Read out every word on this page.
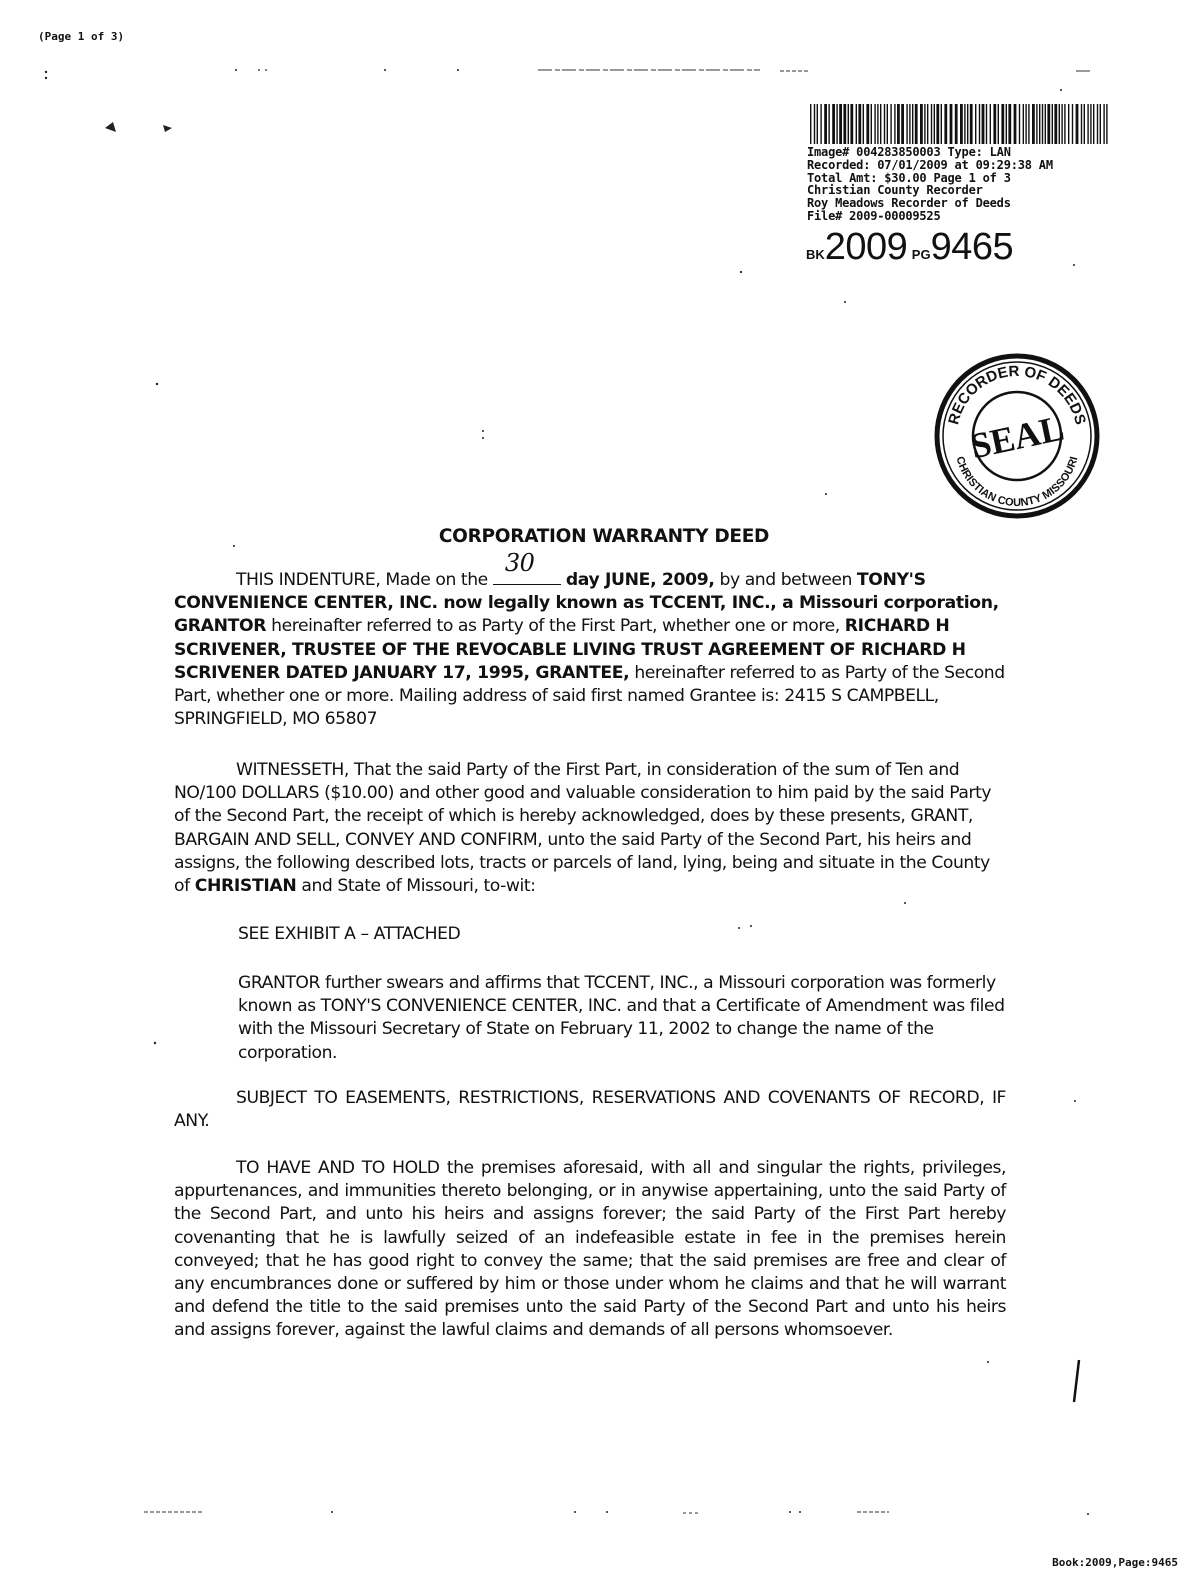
(Page 1 of 3)
Image# 004283850003 Type: LAN
Recorded: 07/01/2009 at 09:29:38 AM
Total Amt: $30.00 Page 1 of 3
Christian County Recorder
Roy Meadows Recorder of Deeds
File# 2009-00009525
BK2009 PG9465
RECORDER OF DEEDS
CHRISTIAN COUNTY MISSOURI
SEAL
CORPORATION WARRANTY DEED
THIS INDENTURE, Made on the
30
day JUNE, 2009, by and between TONY'S CONVENIENCE CENTER, INC. now legally known as TCCENT, INC., a Missouri corporation, GRANTOR hereinafter referred to as Party of the First Part, whether one or more, RICHARD H SCRIVENER, TRUSTEE OF THE REVOCABLE LIVING TRUST AGREEMENT OF RICHARD H SCRIVENER DATED JANUARY 17, 1995, GRANTEE, hereinafter referred to as Party of the Second Part, whether one or more. Mailing address of said first named Grantee is: 2415 S CAMPBELL, SPRINGFIELD, MO 65807
WITNESSETH, That the said Party of the First Part, in consideration of the sum of Ten and NO/100 DOLLARS ($10.00) and other good and valuable consideration to him paid by the said Party of the Second Part, the receipt of which is hereby acknowledged, does by these presents, GRANT, BARGAIN AND SELL, CONVEY AND CONFIRM, unto the said Party of the Second Part, his heirs and assigns, the following described lots, tracts or parcels of land, lying, being and situate in the County of CHRISTIAN and State of Missouri, to-wit:
SEE EXHIBIT A – ATTACHED
GRANTOR further swears and affirms that TCCENT, INC., a Missouri corporation was formerly known as TONY'S CONVENIENCE CENTER, INC. and that a Certificate of Amendment was filed with the Missouri Secretary of State on February 11, 2002 to change the name of the corporation.
SUBJECT TO EASEMENTS, RESTRICTIONS, RESERVATIONS AND COVENANTS OF RECORD, IF ANY.
TO HAVE AND TO HOLD the premises aforesaid, with all and singular the rights, privileges, appurtenances, and immunities thereto belonging, or in anywise appertaining, unto the said Party of the Second Part, and unto his heirs and assigns forever; the said Party of the First Part hereby covenanting that he is lawfully seized of an indefeasible estate in fee in the premises herein conveyed; that he has good right to convey the same; that the said premises are free and clear of any encumbrances done or suffered by him or those under whom he claims and that he will warrant and defend the title to the said premises unto the said Party of the Second Part and unto his heirs and assigns forever, against the lawful claims and demands of all persons whomsoever.
Book:2009,Page:9465
